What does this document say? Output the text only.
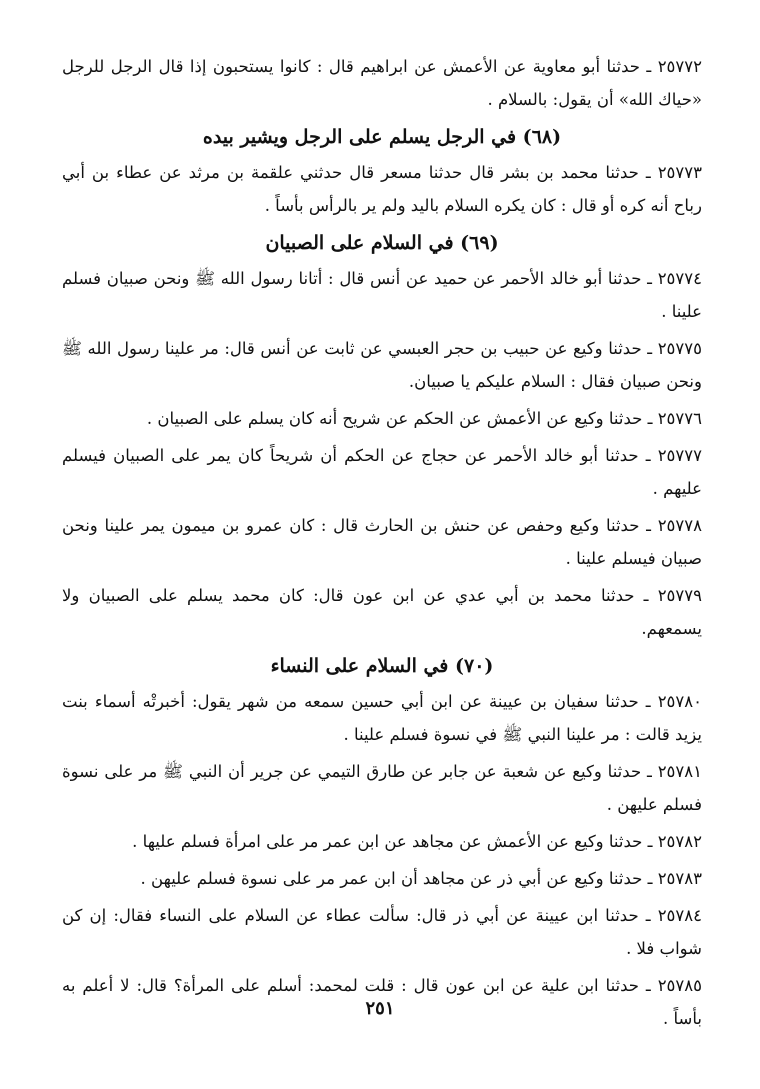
٢٥٧٧٢ ـ حدثنا أبو معاوية عن الأعمش عن ابراهيم قال : كانوا يستحبون إذا قال الرجل للرجل «حياك الله» أن يقول: بالسلام .

(٦٨) في الرجل يسلم على الرجل ويشير بيده

٢٥٧٧٣ ـ حدثنا محمد بن بشر قال حدثنا مسعر قال حدثني علقمة بن مرثد عن عطاء بن أبي رباح أنه كره أو قال : كان يكره السلام باليد ولم ير بالرأس بأساً .

(٦٩) في السلام على الصبيان

٢٥٧٧٤ ـ حدثنا أبو خالد الأحمر عن حميد عن أنس قال : أتانا رسول الله ﷺ ونحن صبيان فسلم علينا .

٢٥٧٧٥ ـ حدثنا وكيع عن حبيب بن حجر العبسي عن ثابت عن أنس قال: مر علينا رسول الله ﷺ ونحن صبيان فقال : السلام عليكم يا صبيان.

٢٥٧٧٦ ـ حدثنا وكيع عن الأعمش عن الحكم عن شريح أنه كان يسلم على الصبيان .

٢٥٧٧٧ ـ حدثنا أبو خالد الأحمر عن حجاج عن الحكم أن شريحاً كان يمر على الصبيان فيسلم عليهم .

٢٥٧٧٨ ـ حدثنا وكيع وحفص عن حنش بن الحارث قال : كان عمرو بن ميمون يمر علينا ونحن صبيان فيسلم علينا .

٢٥٧٧٩ ـ حدثنا محمد بن أبي عدي عن ابن عون قال: كان محمد يسلم على الصبيان ولا يسمعهم.

(٧٠) في السلام على النساء

٢٥٧٨٠ ـ حدثنا سفيان بن عيينة عن ابن أبي حسين سمعه من شهر يقول: أخبرتْه أسماء بنت يزيد قالت : مر علينا النبي ﷺ في نسوة فسلم علينا .

٢٥٧٨١ ـ حدثنا وكيع عن شعبة عن جابر عن طارق التيمي عن جرير أن النبي ﷺ مر على نسوة فسلم عليهن .

٢٥٧٨٢ ـ حدثنا وكيع عن الأعمش عن مجاهد عن ابن عمر مر على امرأة فسلم عليها .

٢٥٧٨٣ ـ حدثنا وكيع عن أبي ذر عن مجاهد أن ابن عمر مر على نسوة فسلم عليهن .

٢٥٧٨٤ ـ حدثنا ابن عيينة عن أبي ذر قال: سألت عطاء عن السلام على النساء فقال: إن كن شواب فلا .

٢٥٧٨٥ ـ حدثنا ابن علية عن ابن عون قال : قلت لمحمد: أسلم على المرأة؟ قال: لا أعلم به بأساً .

٢٥١
